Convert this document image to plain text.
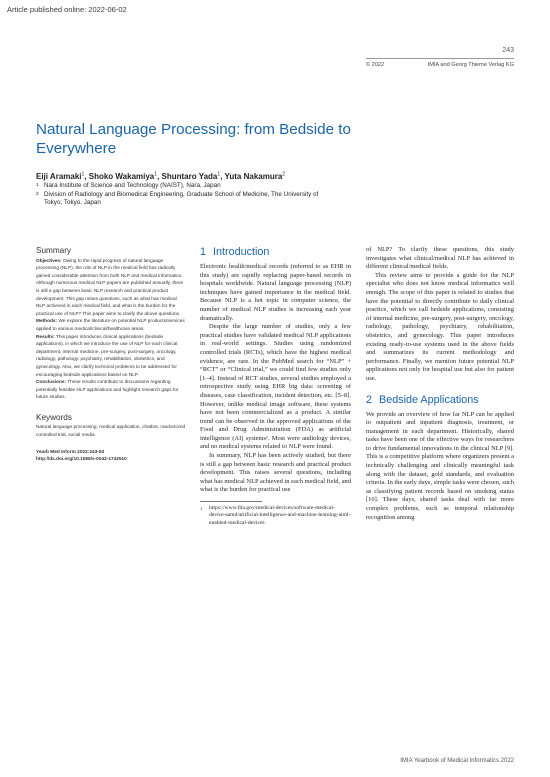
Article published online: 2022-06-02
243
© 2022	IMIA and Georg Thieme Verlag KG
Natural Language Processing: from Bedside to Everywhere
Eiji Aramaki$^1$, Shoko Wakamiya$^1$, Shuntaro Yada$^1$, Yuta Nakamura$^2$
1 Nara Institute of Science and Technology (NAIST), Nara, Japan
2 Division of Radiology and Biomedical Engineering, Graduate School of Medicine, The University of Tokyo, Tokyo, Japan
Summary

Objectives: Owing to the rapid progress of natural language processing (NLP), the role of NLP in the medical field has radically gained considerable attention from both NLP and medical informatics. Although numerous medical NLP papers are published annually, there is still a gap between basic NLP research and practical product development. This gap raises questions, such as what has medical NLP achieved in each medical field, and what is the burden for the practical use of NLP? This paper aims to clarify the above questions.

Methods: We explore the literature on potential NLP products/services applied to various medical/clinical/healthcare areas.

Results: This paper introduces clinical applications (bedside applications), in which we introduce the use of NLP for each clinical department, internal medicine, pre-surgery, post-surgery, oncology, radiology, pathology, psychiatry, rehabilitation, obstetrics, and gynecology. Also, we clarify technical problems to be addressed for encouraging bedside applications based on NLP.

Conclusions: These results contribute to discussions regarding potentially feasible NLP applications and highlight research gaps for future studies.

Keywords

Natural language processing, medical application, chatbot, randomized controlled trial, social media

Yearb Med Inform 2022:243-53
http://dx.doi.org/10.1055/s-0042-1742510
1 Introduction

Electronic health/medical records (referred to as EHR in this study) are rapidly replacing paper-based records in hospitals worldwide. Natural language processing (NLP) techniques have gained importance in the medical field. Because NLP is a hot topic in computer science, the number of medical NLP studies is increasing each year dramatically.

Despite the large number of studies, only a few practical studies have validated medical NLP applications in real-world settings. Studies using randomized controlled trials (RCTs), which have the highest medical evidence, are rare. In the PubMed search for “NLP” + “RCT” or “Clinical trial,” we could find few studies only [1–4]. Instead of RCT studies, several studies employed a retrospective study using EHR big data: screening of diseases, case classification, incident detection, etc. [5–8]. However, unlike medical image software, these systems have not been commercialized as a product. A similar trend can be observed in the approved applications of the Food and Drug Administration (FDA) as artificial intelligence (AI) systems¹. Most were audiology devices, and no medical systems related to NLP were found.

In summary, NLP has been actively studied, but there is still a gap between basic research and practical product development. This raises several questions, including what has medical NLP achieved in each medical field, and what is the burden for practical use

1	https://www.fda.gov/medical-devices/software-medical-device-samd/artificial-intelligence-and-machine-learning-aiml-enabled-medical-devices

of NLP? To clarify these questions, this study investigates what clinical/medical NLP has achieved in different clinical/medical fields.

This review aims to provide a guide for the NLP specialist who does not know medical informatics well enough. The scope of this paper is related to studies that have the potential to directly contribute to daily clinical practice, which we call bedside applications, consisting of internal medicine, pre-surgery, post-surgery, oncology, radiology, pathology, psychiatry, rehabilitation, obstetrics, and gynecology. This paper introduces existing ready-to-use systems used in the above fields and summarizes its current methodology and performance. Finally, we mention future potential NLP applications not only for hospital use but also for patient use.

2 Bedside Applications

We provide an overview of how far NLP can be applied to outpatient and inpatient diagnosis, treatment, or management in each department. Historically, shared tasks have been one of the effective ways for researchers to drive fundamental innovations in the clinical NLP [9]. This is a competitive platform where organizers present a technically challenging and clinically meaningful task along with the dataset, gold standards, and evaluation criteria. In the early days, simple tasks were chosen, such as classifying patient records based on smoking status [10]. These days, shared tasks deal with far more complex problems, such as temporal relationship recognition among

IMIA Yearbook of Medical Informatics 2022
